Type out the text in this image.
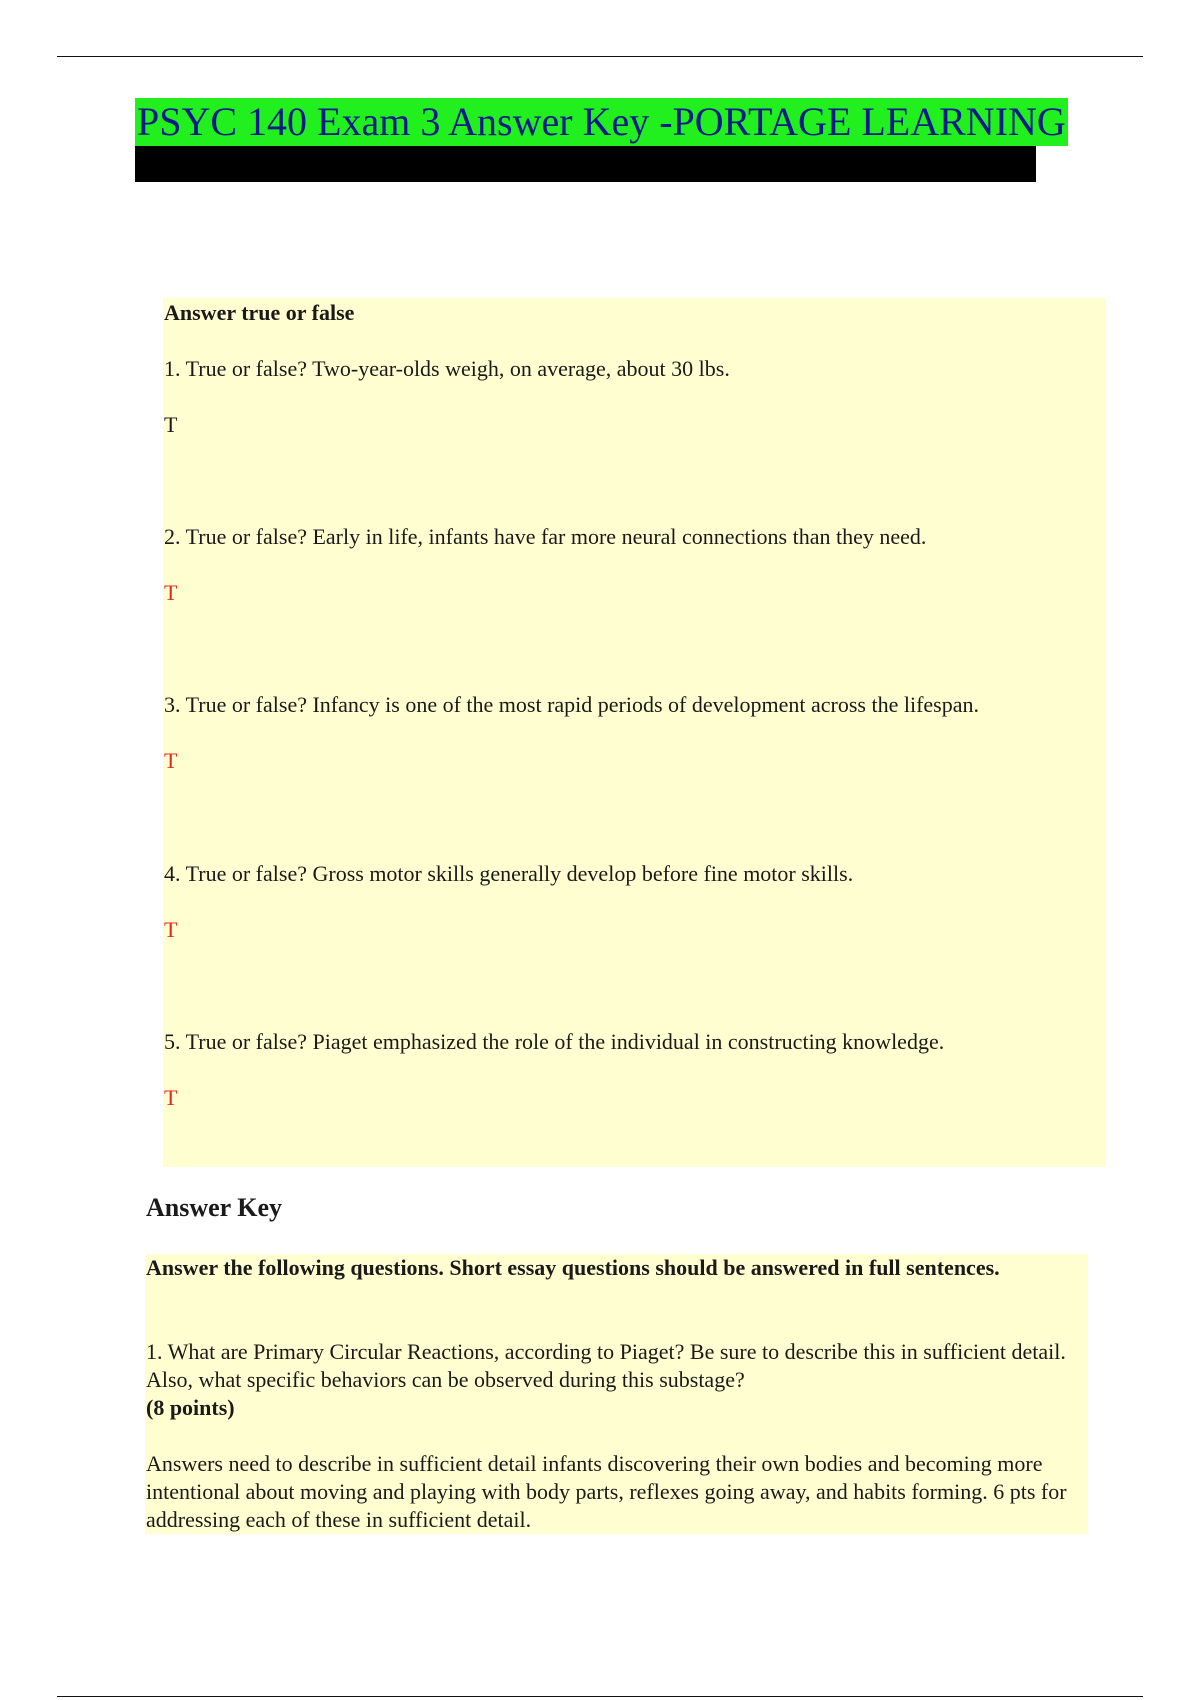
PSYC 140 Exam 3 Answer Key -PORTAGE LEARNING
Answer true or false
1. True or false? Two-year-olds weigh, on average, about 30 lbs.
T
2. True or false? Early in life, infants have far more neural connections than they need.
T
3. True or false? Infancy is one of the most rapid periods of development across the lifespan.
T
4. True or false? Gross motor skills generally develop before fine motor skills.
T
5. True or false? Piaget emphasized the role of the individual in constructing knowledge.
T
Answer Key
Answer the following questions. Short essay questions should be answered in full sentences.
1. What are Primary Circular Reactions, according to Piaget? Be sure to describe this in sufficient detail. Also, what specific behaviors can be observed during this substage?
(8 points)
Answers need to describe in sufficient detail infants discovering their own bodies and becoming more intentional about moving and playing with body parts, reflexes going away, and habits forming. 6 pts for addressing each of these in sufficient detail.
